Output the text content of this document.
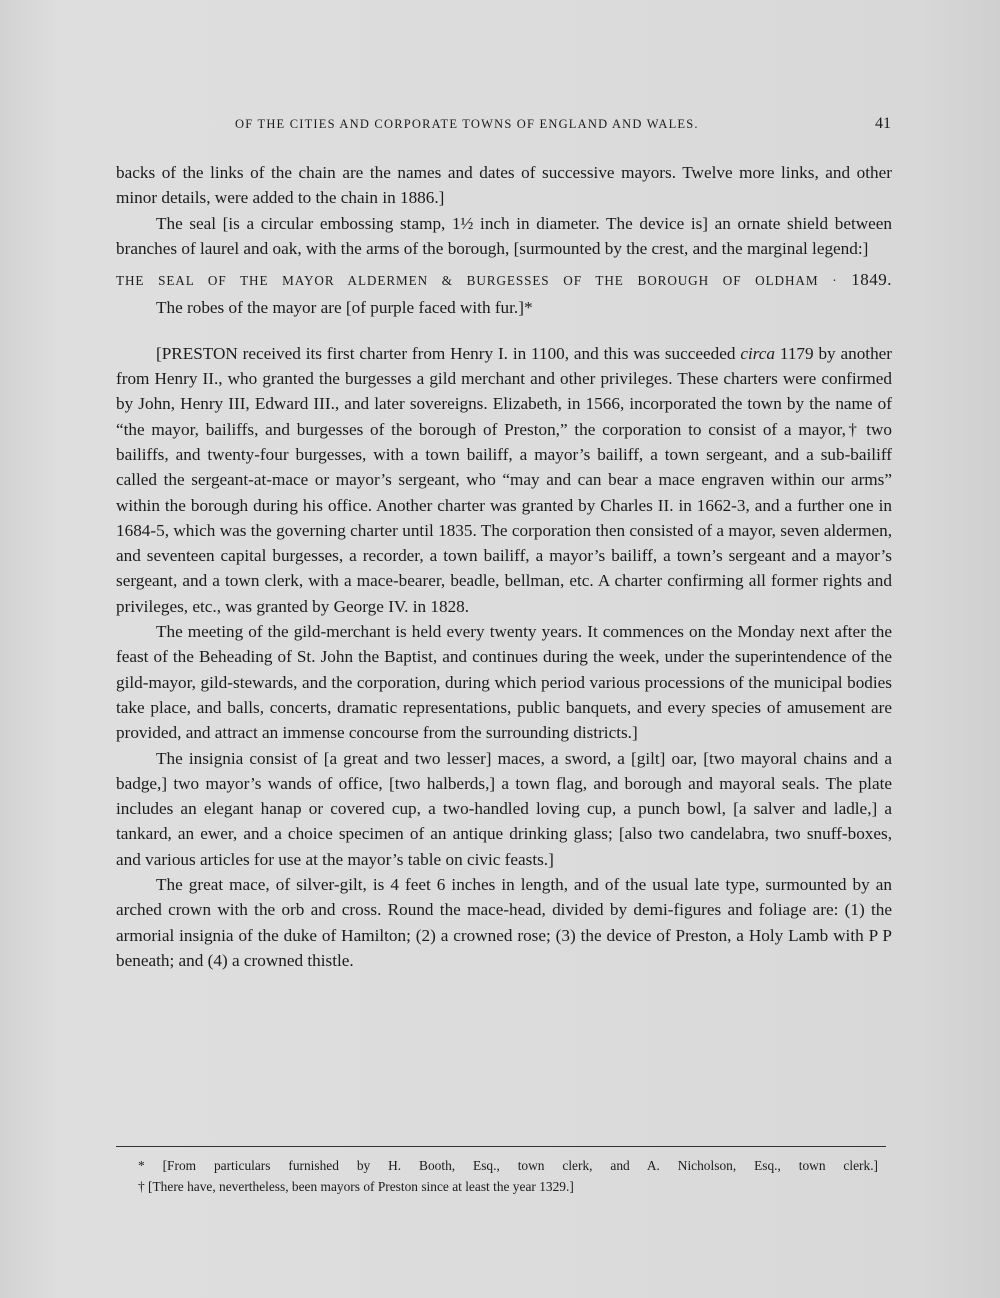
OF THE CITIES AND CORPORATE TOWNS OF ENGLAND AND WALES.	41

backs of the links of the chain are the names and dates of successive mayors. Twelve more links, and other minor details, were added to the chain in 1886.]

The seal [is a circular embossing stamp, 1½ inch in diameter. The device is] an ornate shield between branches of laurel and oak, with the arms of the borough, [surmounted by the crest, and the marginal legend:]

THE SEAL OF THE MAYOR ALDERMEN & BURGESSES OF THE BOROUGH OF OLDHAM · 1849.

The robes of the mayor are [of purple faced with fur.]*

[PRESTON received its first charter from Henry I. in 1100, and this was succeeded circa 1179 by another from Henry II., who granted the burgesses a gild merchant and other privileges. These charters were confirmed by John, Henry III, Edward III., and later sovereigns. Elizabeth, in 1566, incorporated the town by the name of “the mayor, bailiffs, and burgesses of the borough of Preston,” the corporation to consist of a mayor,† two bailiffs, and twenty-four burgesses, with a town bailiff, a mayor’s bailiff, a town sergeant, and a sub-bailiff called the sergeant-at-mace or mayor’s sergeant, who “may and can bear a mace engraven within our arms” within the borough during his office. Another charter was granted by Charles II. in 1662-3, and a further one in 1684-5, which was the governing charter until 1835. The corporation then consisted of a mayor, seven aldermen, and seventeen capital burgesses, a recorder, a town bailiff, a mayor’s bailiff, a town’s sergeant and a mayor’s sergeant, and a town clerk, with a mace-bearer, beadle, bellman, etc. A charter confirming all former rights and privileges, etc., was granted by George IV. in 1828.

The meeting of the gild-merchant is held every twenty years. It commences on the Monday next after the feast of the Beheading of St. John the Baptist, and continues during the week, under the superintendence of the gild-mayor, gild-stewards, and the corporation, during which period various processions of the municipal bodies take place, and balls, concerts, dramatic representations, public banquets, and every species of amusement are provided, and attract an immense concourse from the surrounding districts.]

The insignia consist of [a great and two lesser] maces, a sword, a [gilt] oar, [two mayoral chains and a badge,] two mayor’s wands of office, [two halberds,] a town flag, and borough and mayoral seals. The plate includes an elegant hanap or covered cup, a two-handled loving cup, a punch bowl, [a salver and ladle,] a tankard, an ewer, and a choice specimen of an antique drinking glass; [also two candelabra, two snuff-boxes, and various articles for use at the mayor’s table on civic feasts.]

The great mace, of silver-gilt, is 4 feet 6 inches in length, and of the usual late type, surmounted by an arched crown with the orb and cross. Round the mace-head, divided by demi-figures and foliage are: (1) the armorial insignia of the duke of Hamilton; (2) a crowned rose; (3) the device of Preston, a Holy Lamb with P P beneath; and (4) a crowned thistle.

* [From particulars furnished by H. Booth, Esq., town clerk, and A. Nicholson, Esq., town clerk.]

† [There have, nevertheless, been mayors of Preston since at least the year 1329.]
